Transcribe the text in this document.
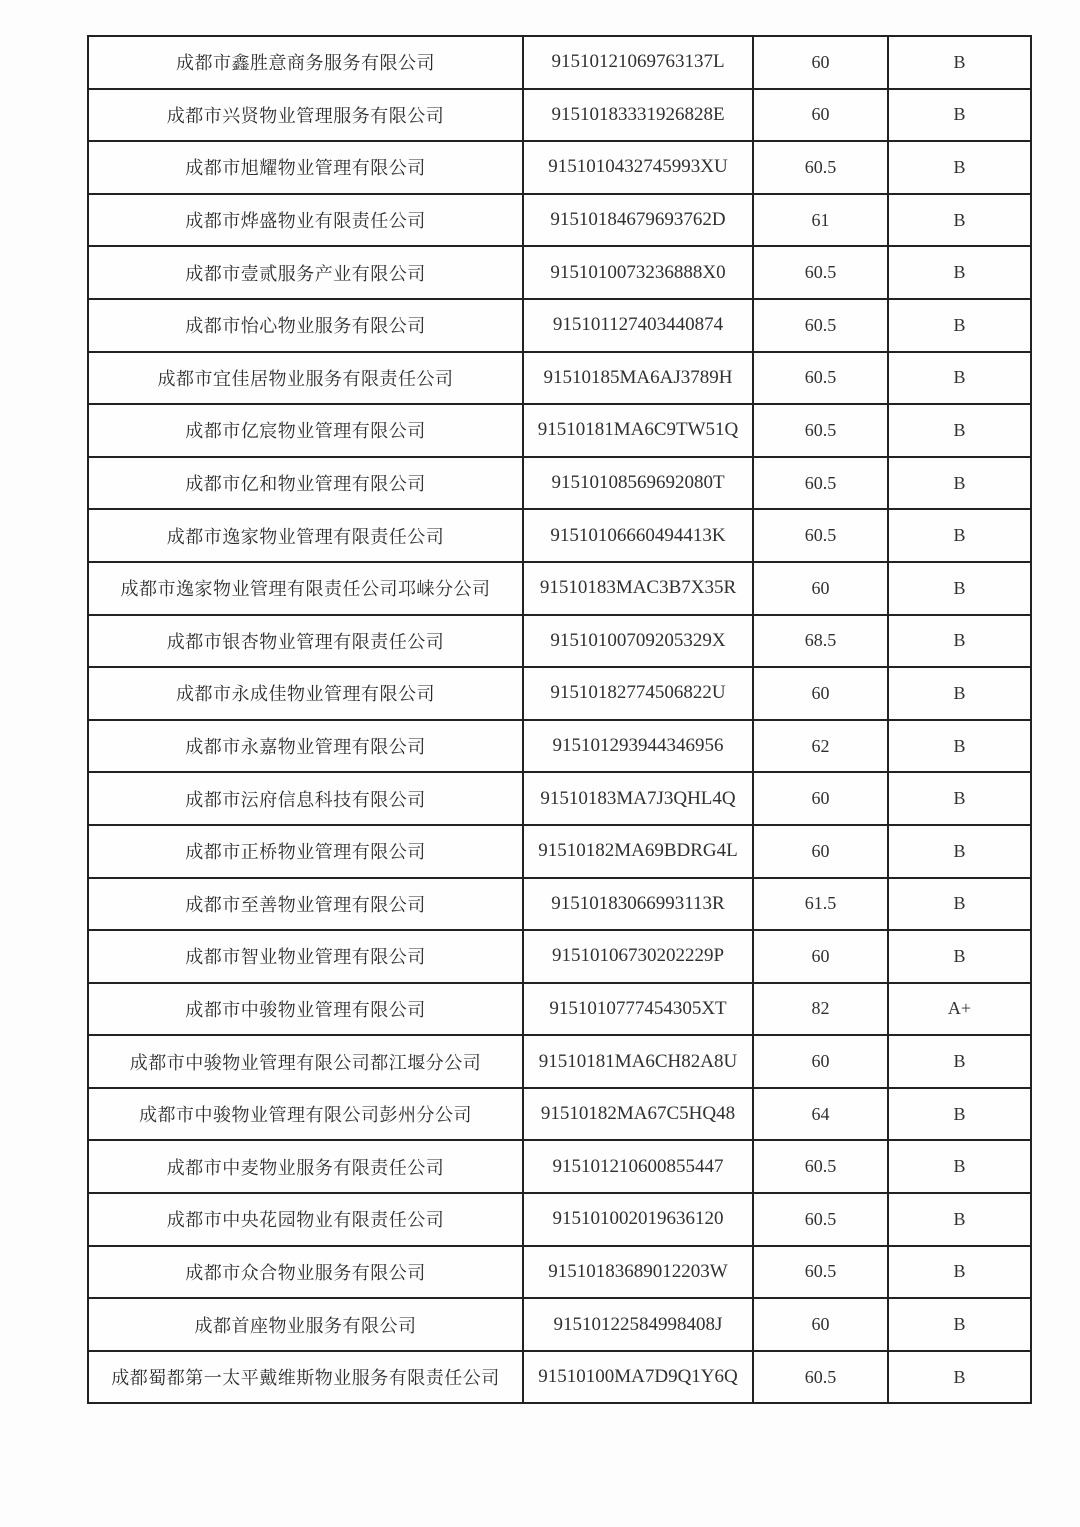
成都市鑫胜意商务服务有限公司	91510121069763137L	60	B
成都市兴贤物业管理服务有限公司	91510183331926828E	60	B
成都市旭耀物业管理有限公司	9151010432745993XU	60.5	B
成都市烨盛物业有限责任公司	91510184679693762D	61	B
成都市壹贰服务产业有限公司	9151010073236888X0	60.5	B
成都市怡心物业服务有限公司	915101127403440874	60.5	B
成都市宜佳居物业服务有限责任公司	91510185MA6AJ3789H	60.5	B
成都市亿宸物业管理有限公司	91510181MA6C9TW51Q	60.5	B
成都市亿和物业管理有限公司	91510108569692080T	60.5	B
成都市逸家物业管理有限责任公司	91510106660494413K	60.5	B
成都市逸家物业管理有限责任公司邛崃分公司	91510183MAC3B7X35R	60	B
成都市银杏物业管理有限责任公司	91510100709205329X	68.5	B
成都市永成佳物业管理有限公司	91510182774506822U	60	B
成都市永嘉物业管理有限公司	915101293944346956	62	B
成都市沄府信息科技有限公司	91510183MA7J3QHL4Q	60	B
成都市正桥物业管理有限公司	91510182MA69BDRG4L	60	B
成都市至善物业管理有限公司	91510183066993113R	61.5	B
成都市智业物业管理有限公司	91510106730202229P	60	B
成都市中骏物业管理有限公司	9151010777454305XT	82	A+
成都市中骏物业管理有限公司都江堰分公司	91510181MA6CH82A8U	60	B
成都市中骏物业管理有限公司彭州分公司	91510182MA67C5HQ48	64	B
成都市中麦物业服务有限责任公司	915101210600855447	60.5	B
成都市中央花园物业有限责任公司	915101002019636120	60.5	B
成都市众合物业服务有限公司	91510183689012203W	60.5	B
成都首座物业服务有限公司	91510122584998408J	60	B
成都蜀都第一太平戴维斯物业服务有限责任公司	91510100MA7D9Q1Y6Q	60.5	B
